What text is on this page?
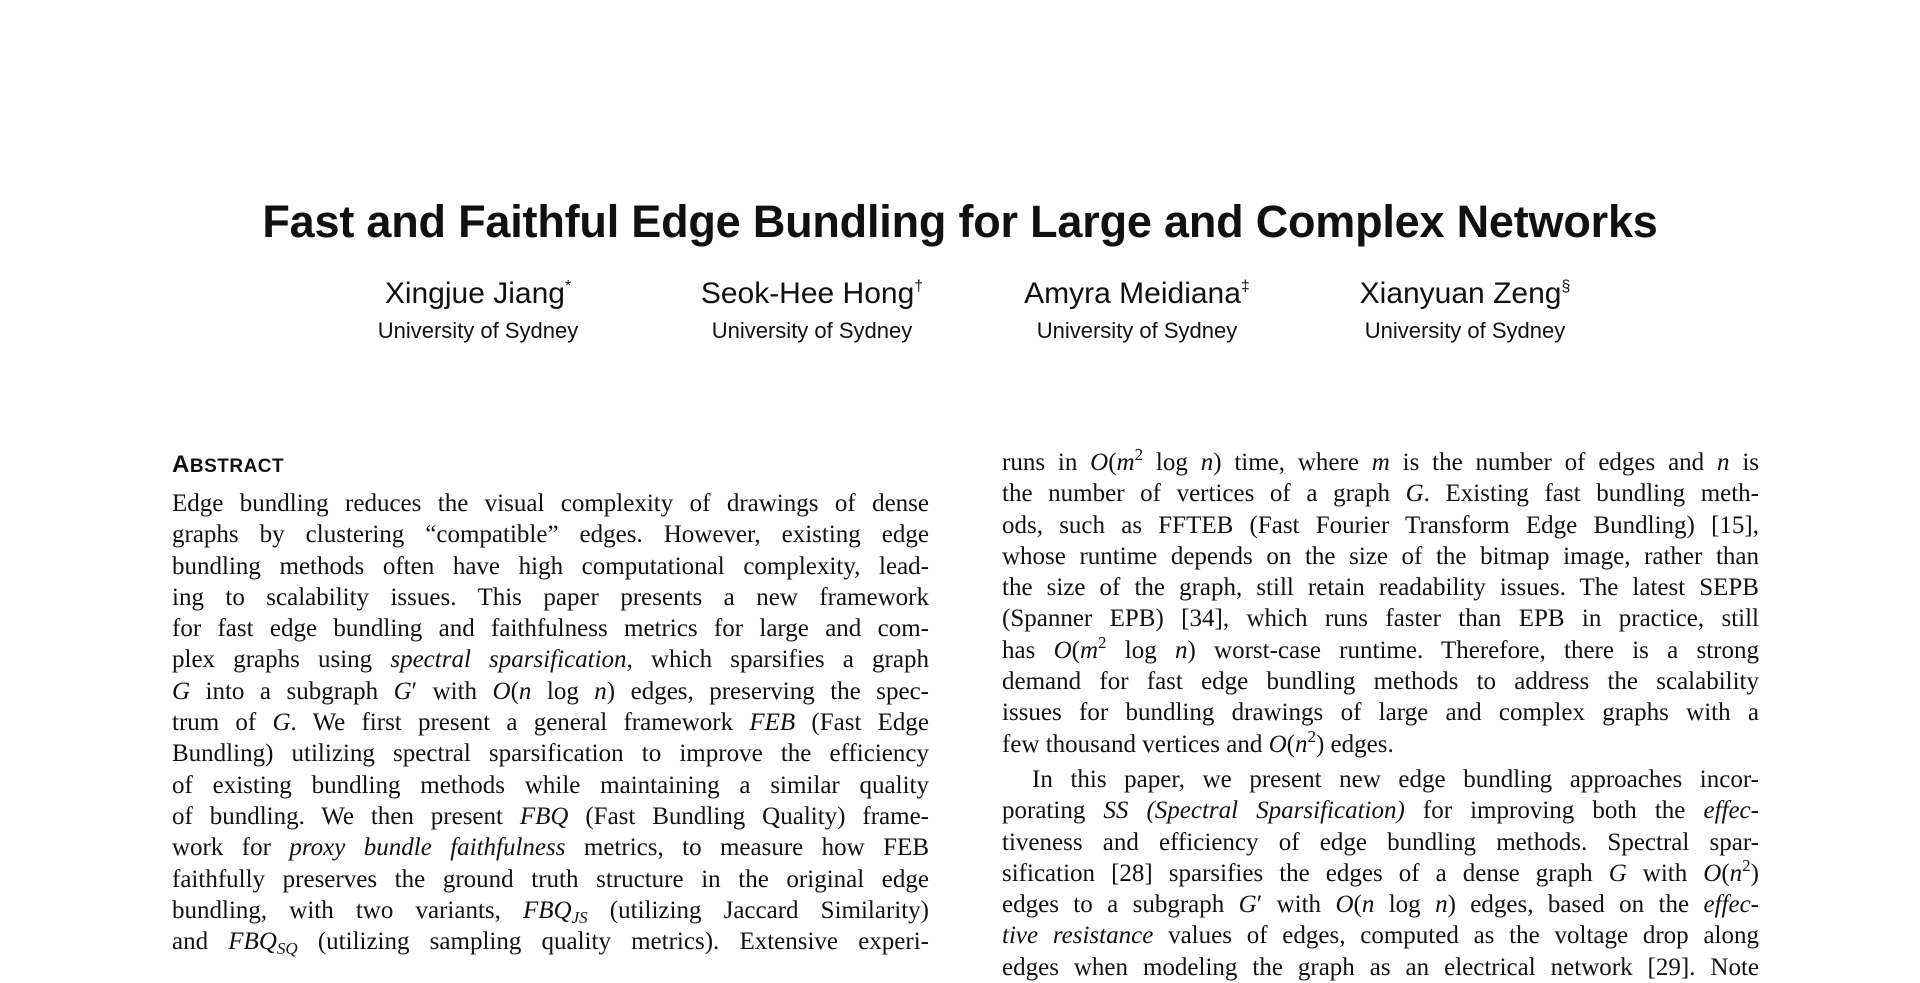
Fast and Faithful Edge Bundling for Large and Complex Networks
Xingjue Jiang*
University of Sydney
Seok-Hee Hong†
University of Sydney
Amyra Meidiana‡
University of Sydney
Xianyuan Zeng§
University of Sydney
ABSTRACT
Edge bundling reduces the visual complexity of drawings of dense
graphs by clustering “compatible” edges. However, existing edge
bundling methods often have high computational complexity, lead-
ing to scalability issues. This paper presents a new framework
for fast edge bundling and faithfulness metrics for large and com-
plex graphs using spectral sparsification, which sparsifies a graph
G into a subgraph G′ with O(n log n) edges, preserving the spec-
trum of G. We first present a general framework FEB (Fast Edge
Bundling) utilizing spectral sparsification to improve the efficiency
of existing bundling methods while maintaining a similar quality
of bundling. We then present FBQ (Fast Bundling Quality) frame-
work for proxy bundle faithfulness metrics, to measure how FEB
faithfully preserves the ground truth structure in the original edge
bundling, with two variants, $FBQ_{JS}$ (utilizing Jaccard Similarity)
and $FBQ_{SQ}$ (utilizing sampling quality metrics). Extensive experi-
runs in $O(m^2$ log n) time, where m is the number of edges and n is
the number of vertices of a graph G. Existing fast bundling meth-
ods, such as FFTEB (Fast Fourier Transform Edge Bundling) [15],
whose runtime depends on the size of the bitmap image, rather than
the size of the graph, still retain readability issues. The latest SEPB
(Spanner EPB) [34], which runs faster than EPB in practice, still
has $O(m^2$ log n) worst-case runtime. Therefore, there is a strong
demand for fast edge bundling methods to address the scalability
issues for bundling drawings of large and complex graphs with a
few thousand vertices and $O(n^2)$ edges.
In this paper, we present new edge bundling approaches incor-
porating SS (Spectral Sparsification) for improving both the effec-
tiveness and efficiency of edge bundling methods. Spectral spar-
sification [28] sparsifies the edges of a dense graph G with $O(n^2)$
edges to a subgraph G′ with O(n log n) edges, based on the effec-
tive resistance values of edges, computed as the voltage drop along
edges when modeling the graph as an electrical network [29]. Note
